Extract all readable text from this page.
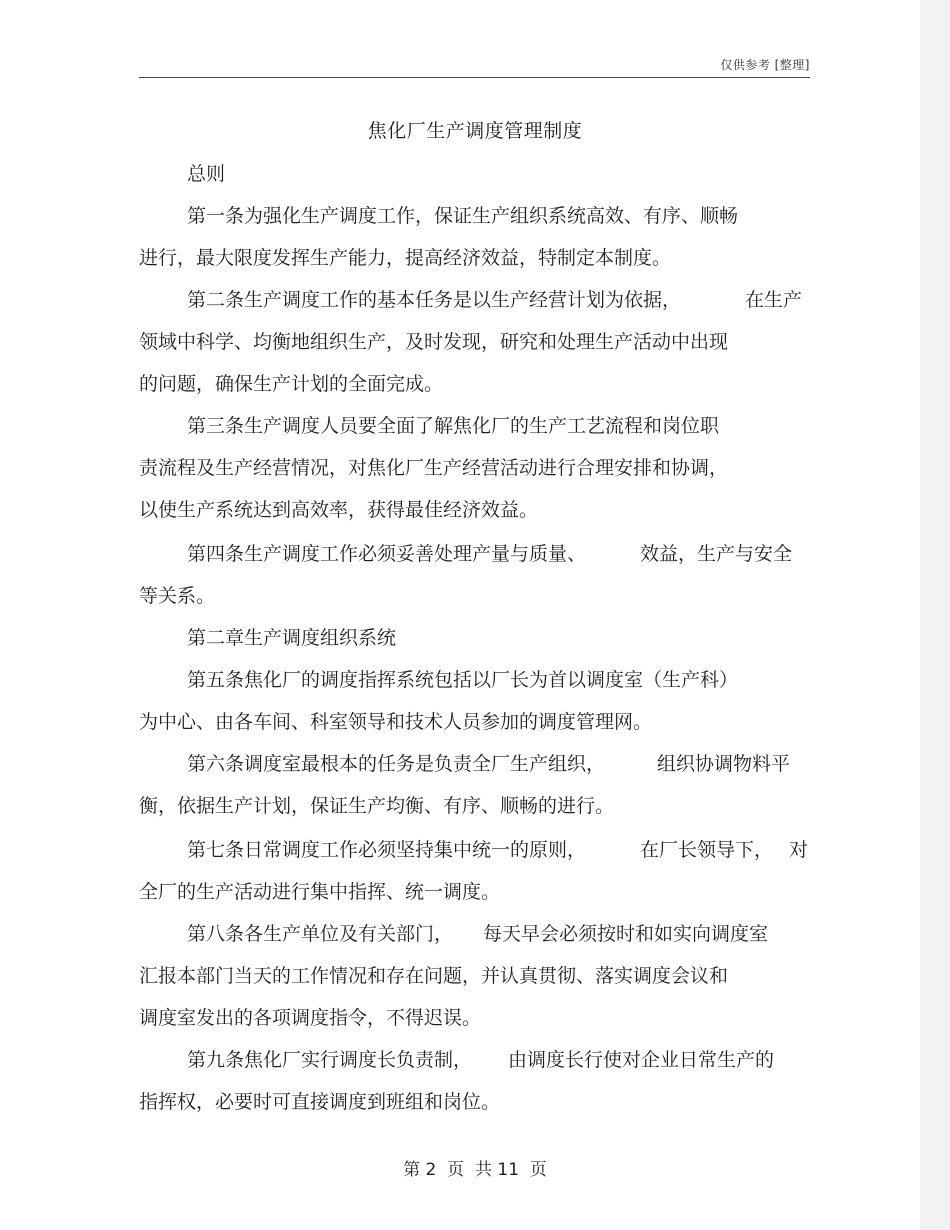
仅供参考 [整理]
焦化厂生产调度管理制度
总则
第一条为强化生产调度工作，保证生产组织系统高效、有序、顺畅
进行，最大限度发挥生产能力，提高经济效益，特制定本制度。
第二条生产调度工作的基本任务是以生产经营计划为依据，	在生产
领域中科学、均衡地组织生产，及时发现，研究和处理生产活动中出现
的问题，确保生产计划的全面完成。
第三条生产调度人员要全面了解焦化厂的生产工艺流程和岗位职
责流程及生产经营情况，对焦化厂生产经营活动进行合理安排和协调，
以使生产系统达到高效率，获得最佳经济效益。
第四条生产调度工作必须妥善处理产量与质量、	效益，生产与安全
等关系。
第二章生产调度组织系统
第五条焦化厂的调度指挥系统包括以厂长为首以调度室（生产科）
为中心、由各车间、科室领导和技术人员参加的调度管理网。
第六条调度室最根本的任务是负责全厂生产组织，	组织协调物料平
衡，依据生产计划，保证生产均衡、有序、顺畅的进行。
第七条日常调度工作必须坚持集中统一的原则，	在厂长领导下， 对
全厂的生产活动进行集中指挥、统一调度。
第八条各生产单位及有关部门， 每天早会必须按时和如实向调度室
汇报本部门当天的工作情况和存在问题，并认真贯彻、落实调度会议和
调度室发出的各项调度指令，不得迟误。
第九条焦化厂实行调度长负责制， 由调度长行使对企业日常生产的
指挥权，必要时可直接调度到班组和岗位。
第 2  页  共 11  页
